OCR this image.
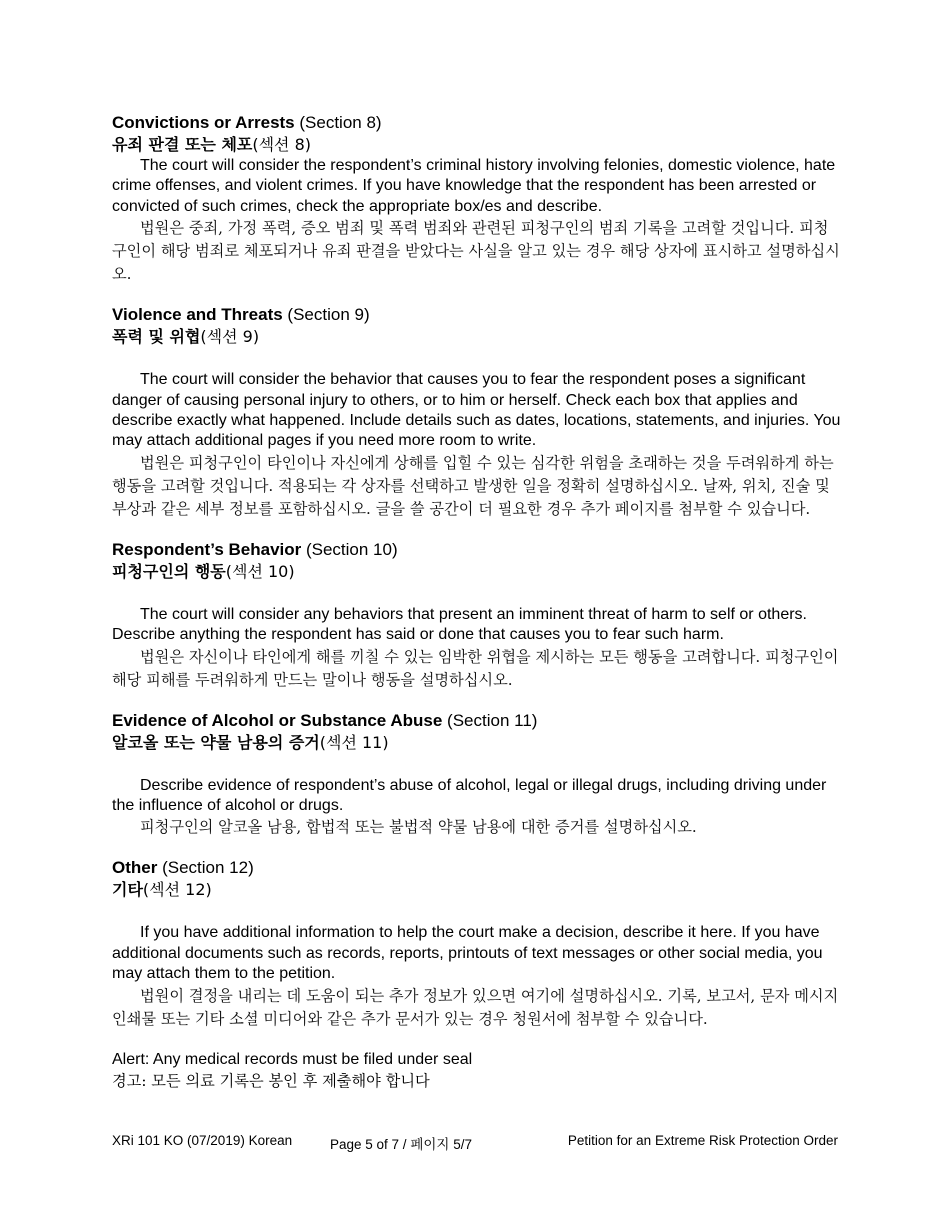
Convictions or Arrests (Section 8)
유죄 판결 또는 체포(섹션 8)

The court will consider the respondent’s criminal history involving felonies, domestic violence, hate crime offenses, and violent crimes. If you have knowledge that the respondent has been arrested or convicted of such crimes, check the appropriate box/es and describe.

법원은 중죄, 가정 폭력, 증오 범죄 및 폭력 범죄와 관련된 피청구인의 범죄 기록을 고려할 것입니다. 피청구인이 해당 범죄로 체포되거나 유죄 판결을 받았다는 사실을 알고 있는 경우 해당 상자에 표시하고 설명하십시오.

Violence and Threats (Section 9)
폭력 및 위협(섹션 9)

The court will consider the behavior that causes you to fear the respondent poses a significant danger of causing personal injury to others, or to him or herself. Check each box that applies and describe exactly what happened. Include details such as dates, locations, statements, and injuries. You may attach additional pages if you need more room to write.

법원은 피청구인이 타인이나 자신에게 상해를 입힐 수 있는 심각한 위험을 초래하는 것을 두려워하게 하는 행동을 고려할 것입니다. 적용되는 각 상자를 선택하고 발생한 일을 정확히 설명하십시오. 날짜, 위치, 진술 및 부상과 같은 세부 정보를 포함하십시오. 글을 쓸 공간이 더 필요한 경우 추가 페이지를 첨부할 수 있습니다.

Respondent’s Behavior (Section 10)
피청구인의 행동(섹션 10)

The court will consider any behaviors that present an imminent threat of harm to self or others. Describe anything the respondent has said or done that causes you to fear such harm.

법원은 자신이나 타인에게 해를 끼칠 수 있는 임박한 위협을 제시하는 모든 행동을 고려합니다. 피청구인이 해당 피해를 두려워하게 만드는 말이나 행동을 설명하십시오.

Evidence of Alcohol or Substance Abuse (Section 11)
알코올 또는 약물 남용의 증거(섹션 11)

Describe evidence of respondent’s abuse of alcohol, legal or illegal drugs, including driving under the influence of alcohol or drugs.

피청구인의 알코올 남용, 합법적 또는 불법적 약물 남용에 대한 증거를 설명하십시오.

Other (Section 12)
기타(섹션 12)

If you have additional information to help the court make a decision, describe it here. If you have additional documents such as records, reports, printouts of text messages or other social media, you may attach them to the petition.

법원이 결정을 내리는 데 도움이 되는 추가 정보가 있으면 여기에 설명하십시오. 기록, 보고서, 문자 메시지 인쇄물 또는 기타 소셜 미디어와 같은 추가 문서가 있는 경우 청원서에 첨부할 수 있습니다.

Alert: Any medical records must be filed under seal
경고: 모든 의료 기록은 봉인 후 제출해야 합니다
XRi 101 KO (07/2019) Korean	Page 5 of 7 / 페이지 5/7	Petition for an Extreme Risk Protection Order
